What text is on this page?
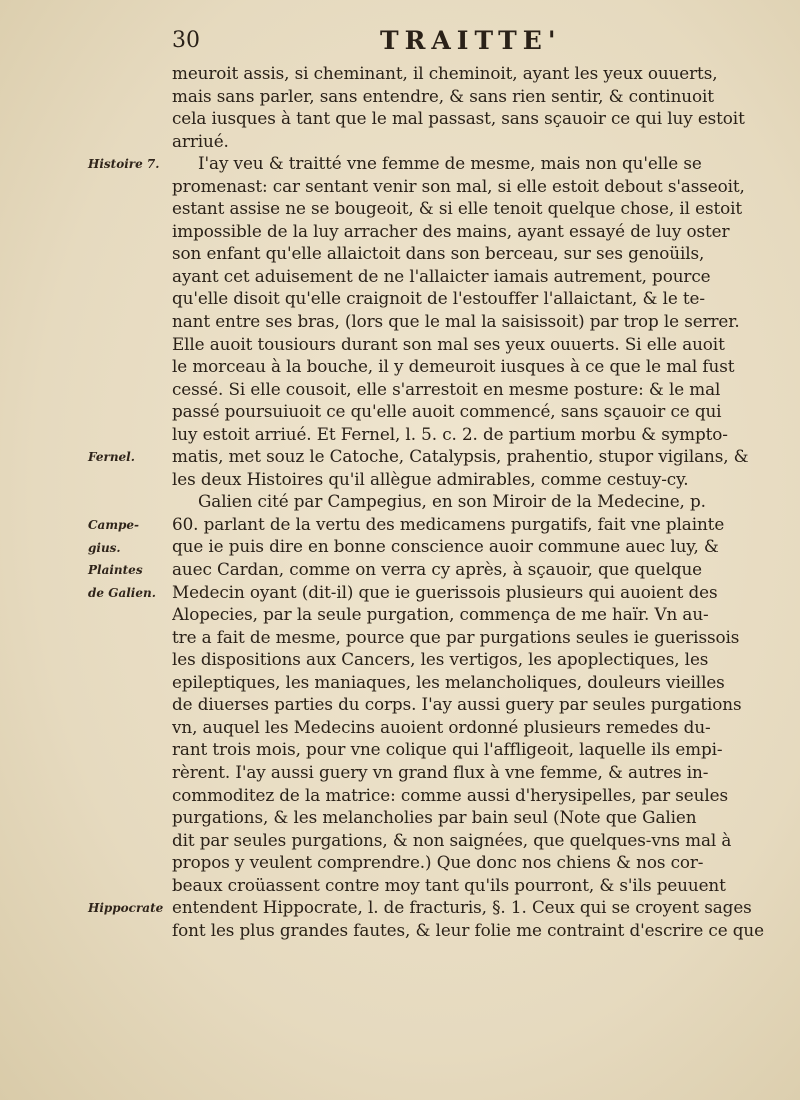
30	TRAITTE'
meuroit assis, si cheminant, il cheminoit, ayant les yeux ouuerts,
mais sans parler, sans entendre, & sans rien sentir, & continuoit
cela iusques à tant que le mal passast, sans sçauoir ce qui luy estoit
arriué.
I'ay veu & traitté vne femme de mesme, mais non qu'elle se
promenast: car sentant venir son mal, si elle estoit debout s'asseoit,
estant assise ne se bougeoit, & si elle tenoit quelque chose, il estoit
impossible de la luy arracher des mains, ayant essayé de luy oster
son enfant qu'elle allaictoit dans son berceau, sur ses genoüils,
ayant cet aduisement de ne l'allaicter iamais autrement, pource
qu'elle disoit qu'elle craignoit de l'estouffer l'allaictant, & le te-
nant entre ses bras, (lors que le mal la saisissoit) par trop le serrer.
Elle auoit tousiours durant son mal ses yeux ouuerts. Si elle auoit
le morceau à la bouche, il y demeuroit iusques à ce que le mal fust
cessé. Si elle cousoit, elle s'arrestoit en mesme posture: & le mal
passé poursuiuoit ce qu'elle auoit commencé, sans sçauoir ce qui
luy estoit arriué. Et Fernel, l. 5. c. 2. de partium morbu & sympto-
matis, met souz le Catoche, Catalypsis, prahentio, stupor vigilans, &
les deux Histoires qu'il allègue admirables, comme cestuy-cy.
Galien cité par Campegius, en son Miroir de la Medecine, p.
60. parlant de la vertu des medicamens purgatifs, fait vne plainte
que ie puis dire en bonne conscience auoir commune auec luy, &
auec Cardan, comme on verra cy après, à sçauoir, que quelque
Medecin oyant (dit-il) que ie guerissois plusieurs qui auoient des
Alopecies, par la seule purgation, commença de me haïr. Vn au-
tre a fait de mesme, pource que par purgations seules ie guerissois
les dispositions aux Cancers, les vertigos, les apoplectiques, les
epileptiques, les maniaques, les melancholiques, douleurs vieilles
de diuerses parties du corps. I'ay aussi guery par seules purgations
vn, auquel les Medecins auoient ordonné plusieurs remedes du-
rant trois mois, pour vne colique qui l'affligeoit, laquelle ils empi-
rèrent. I'ay aussi guery vn grand flux à vne femme, & autres in-
commoditez de la matrice: comme aussi d'herysipelles, par seules
purgations, & les melancholies par bain seul (Note que Galien
dit par seules purgations, & non saignées, que quelques-vns mal à
propos y veulent comprendre.) Que donc nos chiens & nos cor-
beaux croüassent contre moy tant qu'ils pourront, & s'ils peuuent
entendent Hippocrate, l. de fracturis, §. 1. Ceux qui se croyent sages
font les plus grandes fautes, & leur folie me contraint d'escrire ce que
Histoire 7.
Fernel.
Campe-
gius.
Plaintes
de Galien.
Hippocrate
